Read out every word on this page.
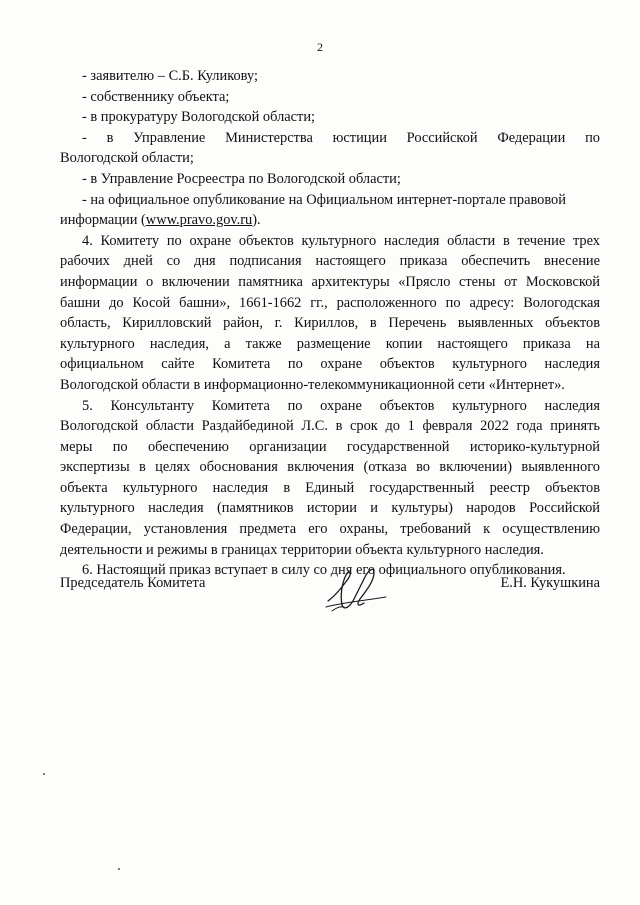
2
- заявителю – С.Б. Куликову;
- собственнику объекта;
- в прокуратуру Вологодской области;
- в Управление Министерства юстиции Российской Федерации по
Вологодской области;
- в Управление Росреестра по Вологодской области;
- на официальное опубликование на Официальном интернет-портале правовой
информации (www.pravo.gov.ru).
4. Комитету по охране объектов культурного наследия области в течение трех
рабочих дней со дня подписания настоящего приказа обеспечить внесение
информации о включении памятника архитектуры «Прясло стены от Московской
башни до Косой башни», 1661-1662 гг., расположенного по адресу: Вологодская
область, Кирилловский район, г. Кириллов, в Перечень выявленных объектов
культурного наследия, а также размещение копии настоящего приказа на
официальном сайте Комитета по охране объектов культурного наследия
Вологодской области в информационно-телекоммуникационной сети «Интернет».
5. Консультанту Комитета по охране объектов культурного наследия
Вологодской области Раздайбединой Л.С. в срок до 1 февраля 2022 года принять
меры по обеспечению организации государственной историко-культурной
экспертизы в целях обоснования включения (отказа во включении) выявленного
объекта культурного наследия в Единый государственный реестр объектов
культурного наследия (памятников истории и культуры) народов Российской
Федерации, установления предмета его охраны, требований к осуществлению
деятельности и режимы в границах территории объекта культурного наследия.
6. Настоящий приказ вступает в силу со дня его официального опубликования.
Председатель Комитета	Е.Н. Кукушкина
